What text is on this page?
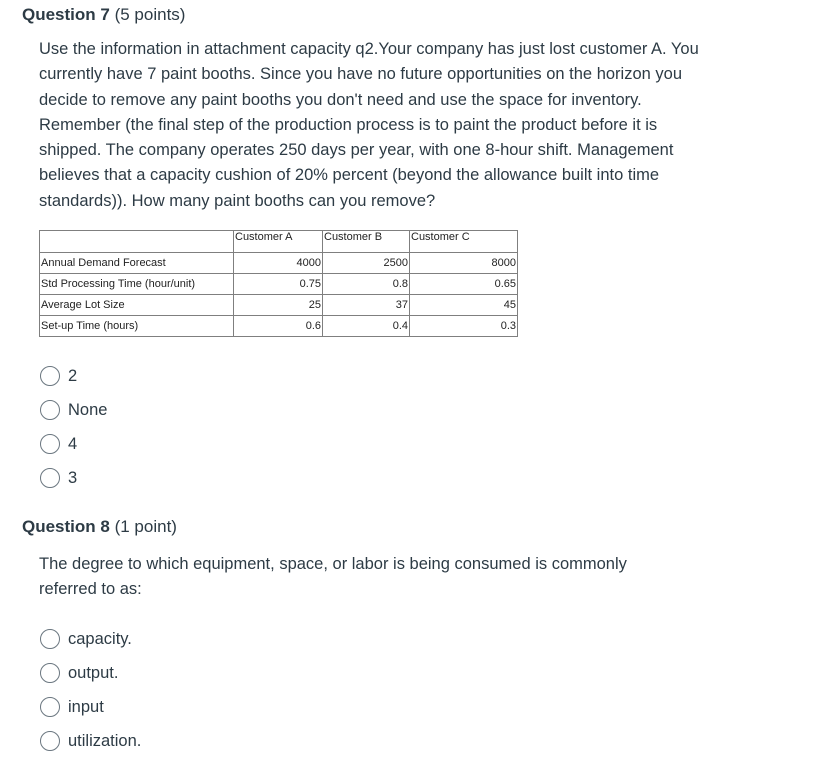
Question 7 (5 points)

Use the information in attachment capacity q2.Your company has just lost customer A. You currently have 7 paint booths. Since you have no future opportunities on the horizon you decide to remove any paint booths you don't need and use the space for inventory. Remember (the final step of the production process is to paint the product before it is shipped. The company operates 250 days per year, with one 8-hour shift. Management believes that a capacity cushion of 20% percent (beyond the allowance built into time standards)). How many paint booths can you remove?

	Customer A	Customer B	Customer C
Annual Demand Forecast	4000	2500	8000
Std Processing Time (hour/unit)	0.75	0.8	0.65
Average Lot Size	25	37	45
Set-up Time (hours)	0.6	0.4	0.3
2
None
4
3
Question 8 (1 point)

The degree to which equipment, space, or labor is being consumed is commonly referred to as:

capacity.
output.
input
utilization.
